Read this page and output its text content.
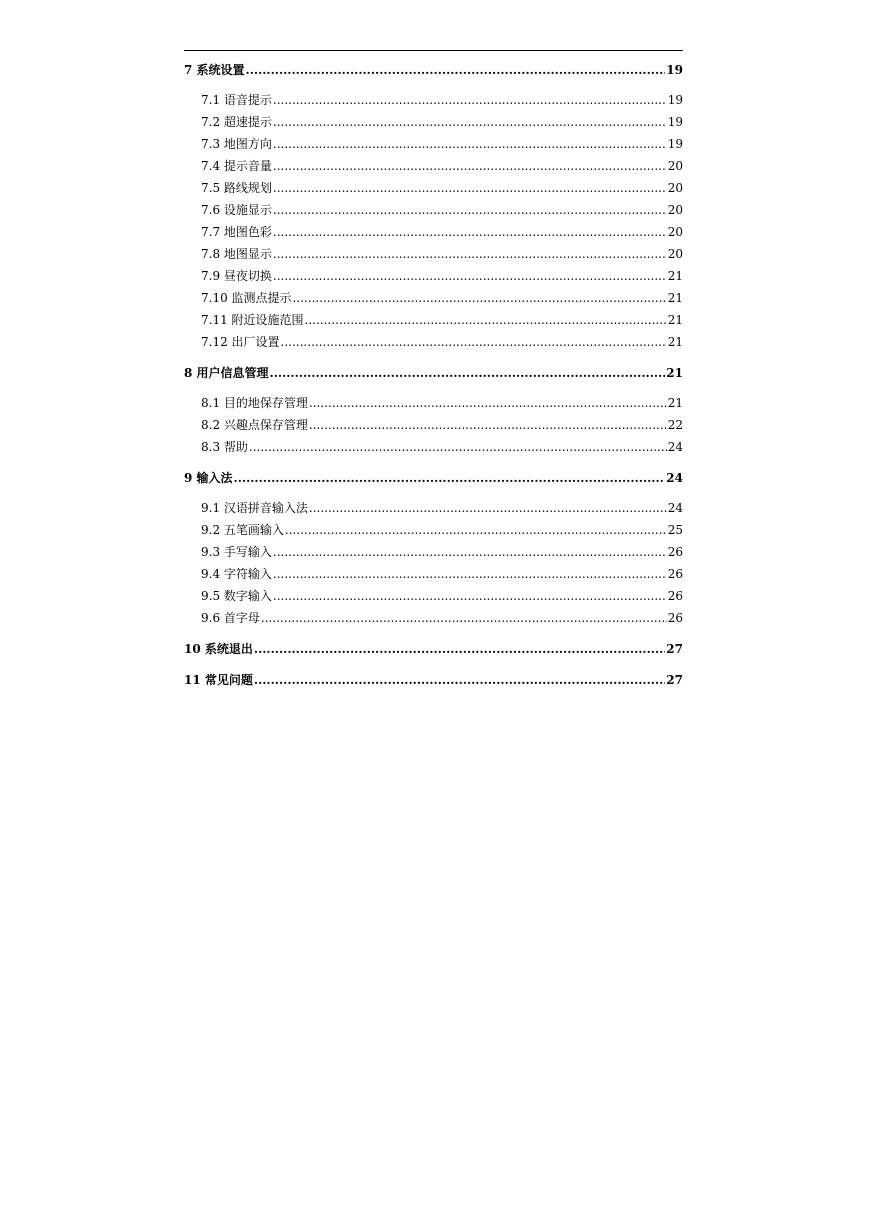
7 系统设置 .....	19
7.1 语音提示 .....	19
7.2 超速提示 .....	19
7.3 地图方向 .....	19
7.4 提示音量 .....	20
7.5 路线规划 .....	20
7.6 设施显示 .....	20
7.7 地图色彩 .....	20
7.8 地图显示 .....	20
7.9 昼夜切换 .....	21
7.10 监测点提示 .....	21
7.11 附近设施范围 .....	21
7.12 出厂设置 .....	21
8 用户信息管理 .....	21
8.1 目的地保存管理 .....	21
8.2 兴趣点保存管理 .....	22
8.3 帮助 .....	24
9 输入法 .....	24
9.1 汉语拼音输入法 .....	24
9.2 五笔画输入 .....	25
9.3 手写输入 .....	26
9.4 字符输入 .....	26
9.5 数字输入 .....	26
9.6 首字母 .....	26
10 系统退出 .....	27
11 常见问题 .....	27
